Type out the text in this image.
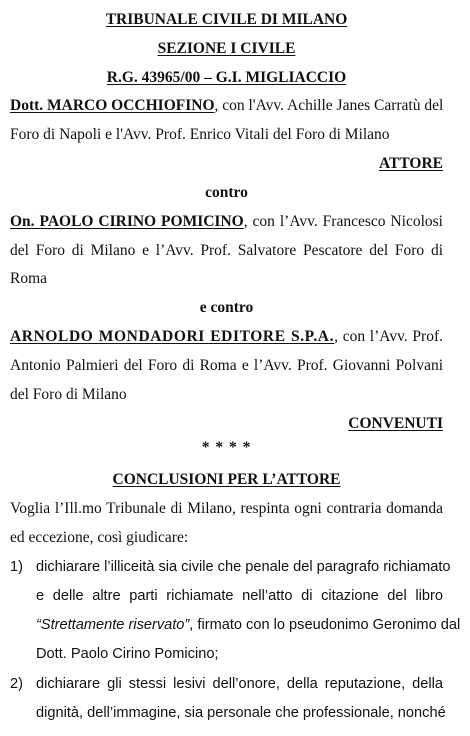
TRIBUNALE CIVILE DI MILANO
SEZIONE I CIVILE
R.G. 43965/00 – G.I. MIGLIACCIO
Dott. MARCO OCCHIOFINO, con l'Avv. Achille Janes Carratù del
Foro di Napoli e l'Avv. Prof. Enrico Vitali del Foro di Milano
ATTORE
contro
On. PAOLO CIRINO POMICINO, con l’Avv. Francesco Nicolosi
del Foro di Milano e l’Avv. Prof. Salvatore Pescatore del Foro di
Roma
e contro
ARNOLDO MONDADORI EDITORE S.P.A., con l’Avv. Prof.
Antonio Palmieri del Foro di Roma e l’Avv. Prof. Giovanni Polvani
del Foro di Milano
CONVENUTI
* * * *
CONCLUSIONI PER L’ATTORE
Voglia l’Ill.mo Tribunale di Milano, respinta ogni contraria domanda
ed eccezione, così giudicare:
1) dichiarare l’illiceità sia civile che penale del paragrafo richiamato
e delle altre parti richiamate nell’atto di citazione del libro
“Strettamente riservato”, firmato con lo pseudonimo Geronimo dal
Dott. Paolo Cirino Pomicino;
2) dichiarare gli stessi lesivi dell’onore, della reputazione, della
dignità, dell’immagine, sia personale che professionale, nonché
